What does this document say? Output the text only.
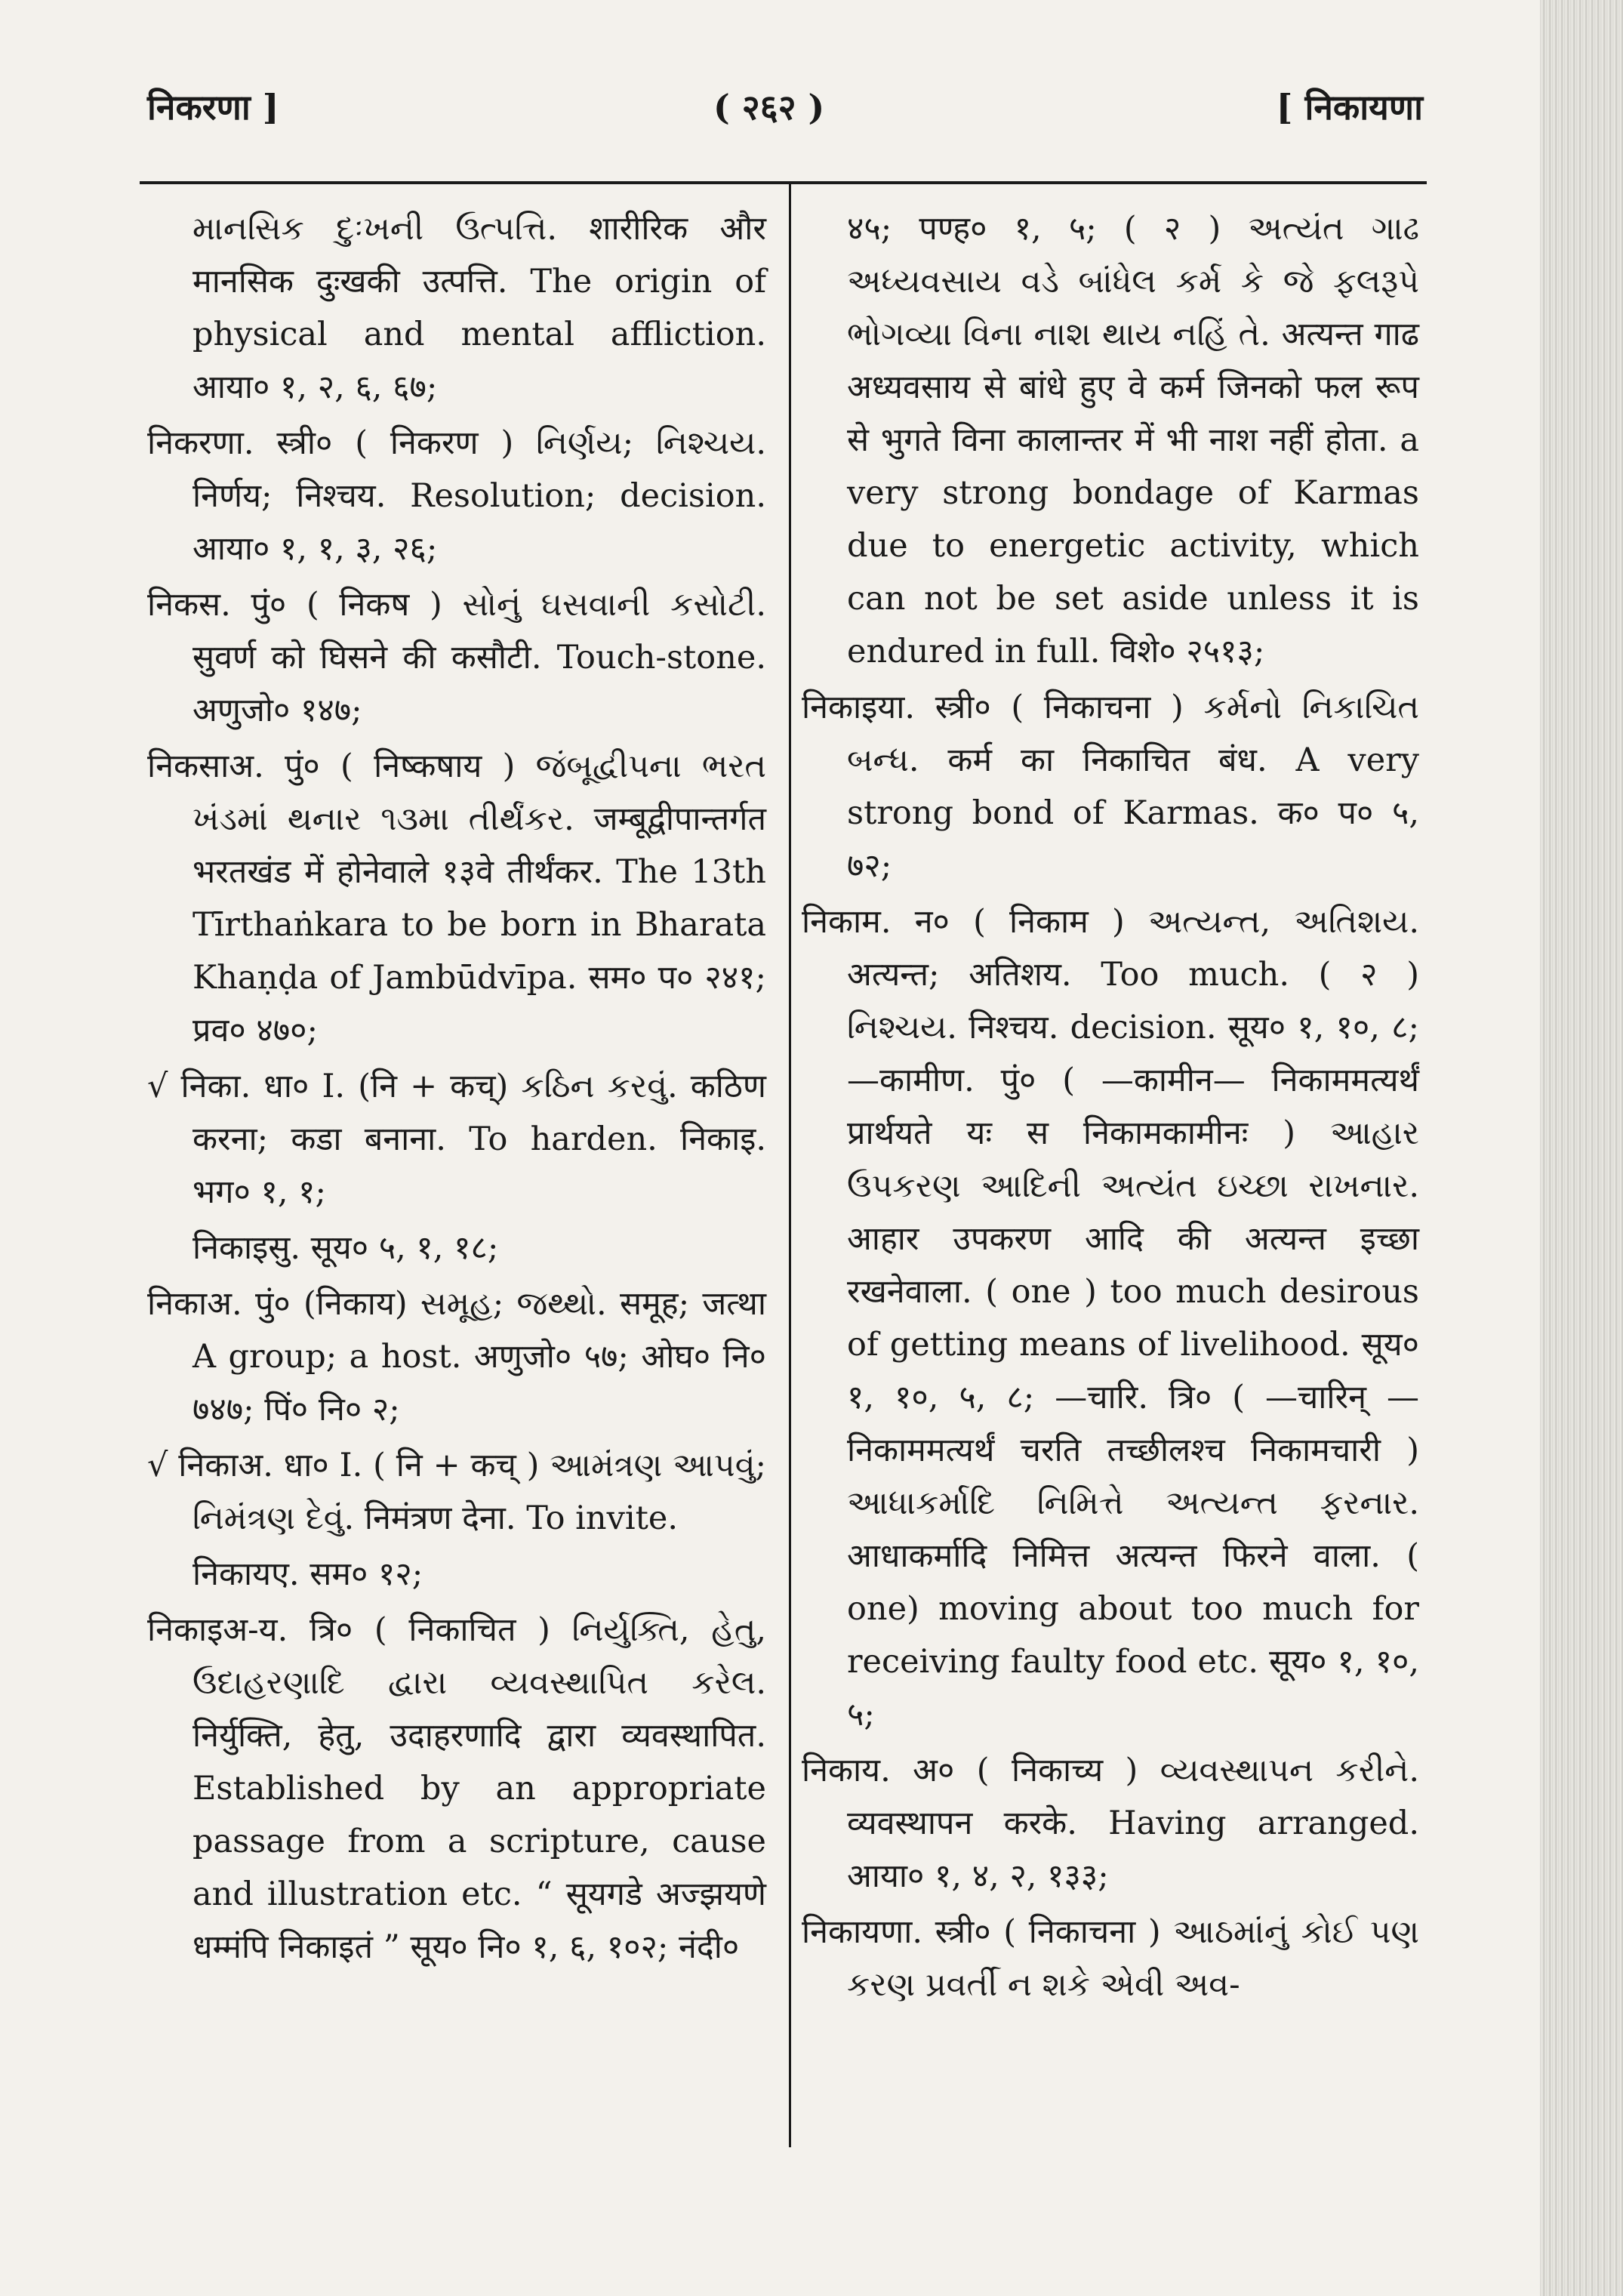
निकरणा ]	( २६२ )	[ निकायणा

માનસિક દુઃખની ઉત્પત્તિ. शारीरिक और मानसिक दुःखकी उत्पत्ति. The origin of physical and mental affliction. आया० १, २, ६, ६७;

निकरणा. स्त्री० ( निकरण ) નિર્ણય; નિશ્ચય. निर्णय; निश्चय. Resolution; decision. आया० १, १, ३, २६;

निकस. पुं० ( निकष ) સોનું ઘસવાની કસોટી. सुवर्ण को घिसने की कसौटी. Touch-stone. अणुजो० १४७;

निकसाअ. पुं० ( निष्कषाय ) જંબૂદ્વીપના ભરત ખંડમાં થનાર ૧૩મા તીર્થંકર. जम्बूद्वीपान्तर्गत भरतखंड में होनेवाले १३वे तीर्थंकर. The 13th Tīrthaṅkara to be born in Bharata Khaṇḍa of Jambūdvīpa. सम० प० २४१; प्रव० ४७०;

√ निका. धा० I. (नि + कच्) કઠિન કરવું. कठिण करना; कडा बनाना. To harden. निकाइ. भग० १, १;

निकाइसु. सूय० ५, १, १८;

निकाअ. पुं० (निकाय) સમૂહ; જથ્થો. समूह; जत्था A group; a host. अणुजो० ५७; ओघ० नि० ७४७; पिं० नि० २;

√ निकाअ. धा० I. ( नि + कच् ) આમંત્રણ આપવું; નિમંત્રણ દેવું. निमंत्रण देना. To invite.

निकायए. सम० १२;

निकाइअ-य. त्रि० ( निकाचित ) નિર્યુક્તિ, હેતુ, ઉદાહરણાદિ દ્વારા વ્યવસ્થાપિત કરેલ. निर्युक्ति, हेतु, उदाहरणादि द्वारा व्यवस्थापित. Established by an appropriate passage from a scripture, cause and illustration etc. “ सूयगडे अज्झयणे धम्मंपि निकाइतं ” सूय० नि० १, ६, १०२; नंदी०

४५; पण्ह० १, ५; ( २ ) અત્યંત ગાઢ અધ્યવસાય વડે બાંધેલ કર્મ કે જે ફલરૂપે ભોગવ્યા વિના નાશ થાય નહિં તે. अत्यन्त गाढ अध्यवसाय से बांधे हुए वे कर्म जिनको फल रूप से भुगते विना कालान्तर में भी नाश नहीं होता. a very strong bondage of Karmas due to energetic activity, which can not be set aside unless it is endured in full. विशे० २५१३;

निकाइया. स्त्री० ( निकाचना ) કર્મનો નિકાચિત બન્ધ. कर्म का निकाचित बंध. A very strong bond of Karmas. क० प० ५, ७२;

निकाम. न० ( निकाम ) અત્યન્ત, અતિશય. अत्यन्त; अतिशय. Too much. ( २ ) નિશ્ચય. निश्चय. decision. सूय० १, १०, ८; —कामीण. पुं० ( —कामीन— निकाममत्यर्थं प्रार्थयते यः स निकामकामीनः ) આહાર ઉપકરણ આદિની અત્યંત ઇચ્છા રાખનાર. आहार उपकरण आदि की अत्यन्त इच्छा रखनेवाला. ( one ) too much desirous of getting means of livelihood. सूय० १, १०, ५, ८; —चारि. त्रि० ( —चारिन् —निकाममत्यर्थं चरति तच्छीलश्च निकामचारी ) આધાકર્માદિ નિમિત્તે અત્યન્ત ફરનાર. आधाकर्मादि निमित्त अत्यन्त फिरने वाला. ( one) moving about too much for receiving faulty food etc. सूय० १, १०, ५;

निकाय. अ० ( निकाच्य ) વ્યવસ્થાપન કરીને. व्यवस्थापन करके. Having arranged. आया० १, ४, २, १३३;

निकायणा. स्त्री० ( निकाचना ) આઠમાંનું કોઈ પણ કરણ પ્રવર્તી ન શકે એવી અવ-
